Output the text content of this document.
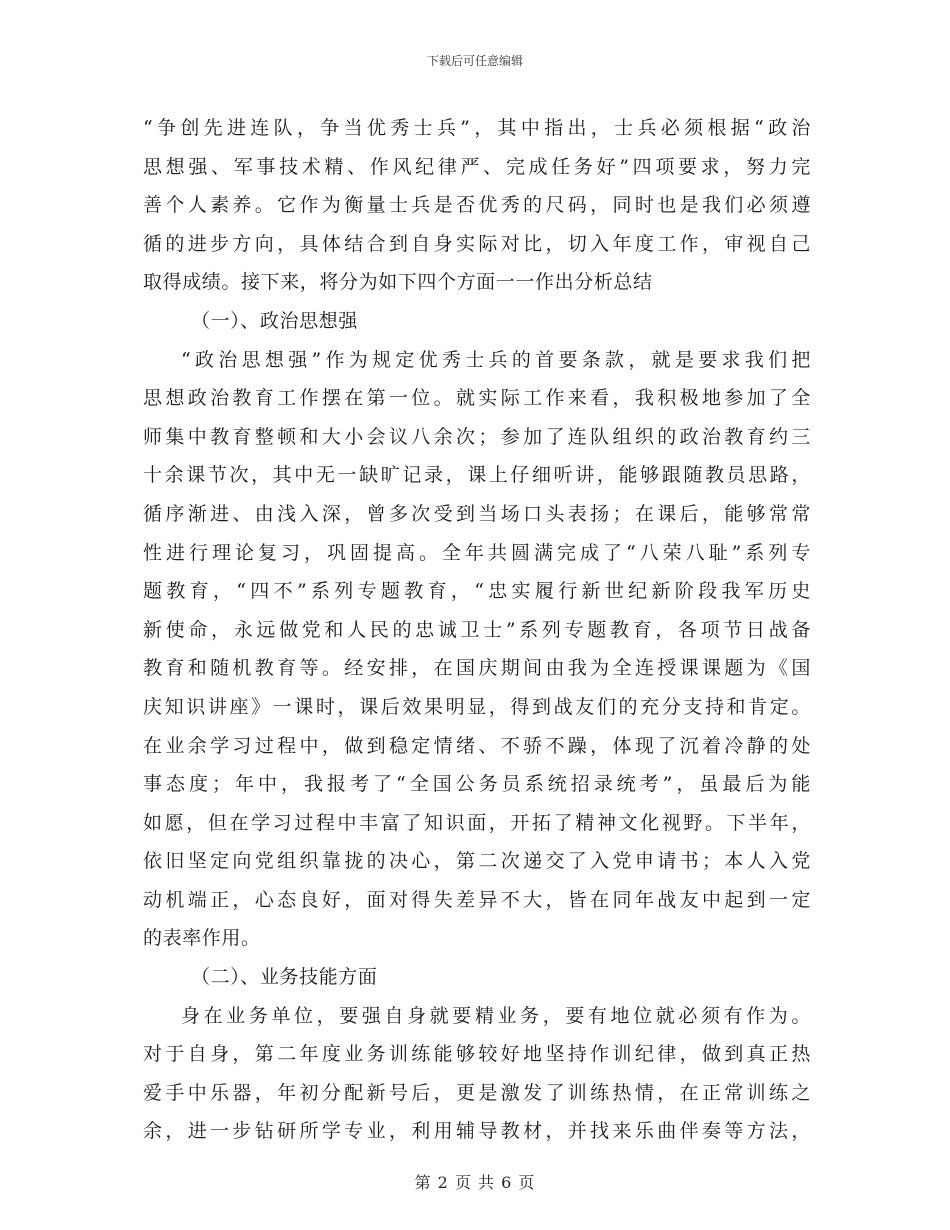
下载后可任意编辑
“争创先进连队，争当优秀士兵”，其中指出，士兵必须根据“政治
思想强、军事技术精、作风纪律严、完成任务好”四项要求，努力完
善个人素养。它作为衡量士兵是否优秀的尺码，同时也是我们必须遵
循的进步方向，具体结合到自身实际对比，切入年度工作，审视自己
取得成绩。接下来，将分为如下四个方面一一作出分析总结
（一）、政治思想强
“政治思想强”作为规定优秀士兵的首要条款，就是要求我们把
思想政治教育工作摆在第一位。就实际工作来看，我积极地参加了全
师集中教育整顿和大小会议八余次；参加了连队组织的政治教育约三
十余课节次，其中无一缺旷记录，课上仔细听讲，能够跟随教员思路，
循序渐进、由浅入深，曾多次受到当场口头表扬；在课后，能够常常
性进行理论复习，巩固提高。全年共圆满完成了“八荣八耻”系列专
题教育，“四不”系列专题教育，“忠实履行新世纪新阶段我军历史
新使命，永远做党和人民的忠诚卫士”系列专题教育，各项节日战备
教育和随机教育等。经安排，在国庆期间由我为全连授课课题为《国
庆知识讲座》一课时，课后效果明显，得到战友们的充分支持和肯定。
在业余学习过程中，做到稳定情绪、不骄不躁，体现了沉着冷静的处
事态度；年中，我报考了“全国公务员系统招录统考”，虽最后为能
如愿，但在学习过程中丰富了知识面，开拓了精神文化视野。下半年，
依旧坚定向党组织靠拢的决心，第二次递交了入党申请书；本人入党
动机端正，心态良好，面对得失差异不大，皆在同年战友中起到一定
的表率作用。
（二）、业务技能方面
身在业务单位，要强自身就要精业务，要有地位就必须有作为。
对于自身，第二年度业务训练能够较好地坚持作训纪律，做到真正热
爱手中乐器，年初分配新号后，更是激发了训练热情，在正常训练之
余，进一步钻研所学专业，利用辅导教材，并找来乐曲伴奏等方法，
第 2 页 共 6 页
